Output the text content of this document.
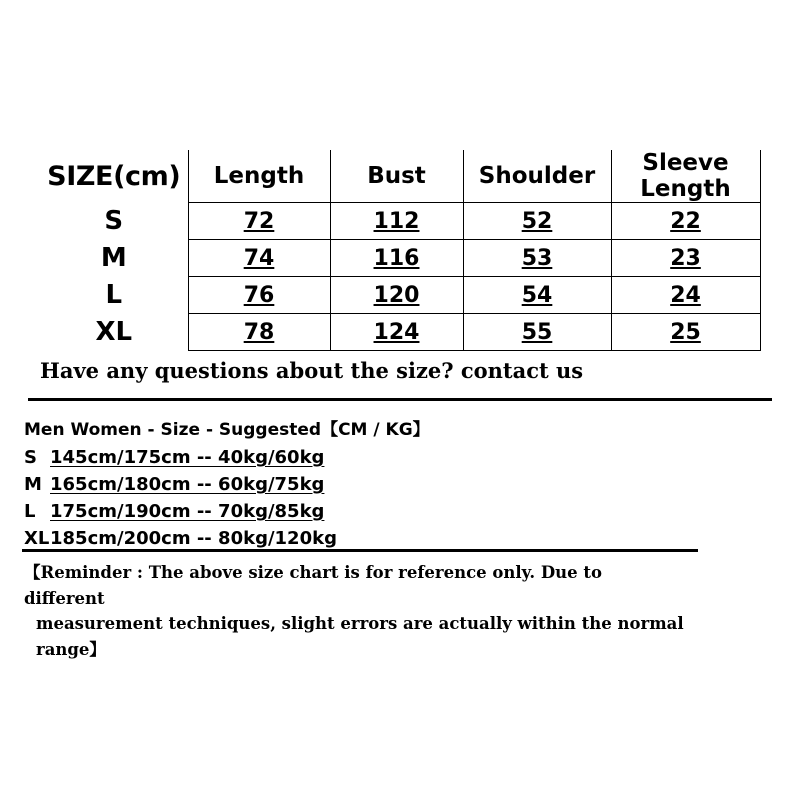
SIZE(cm)	Length	Bust	Shoulder	Sleeve Length
S	72	112	52	22
M	74	116	53	23
L	76	120	54	24
XL	78	124	55	25
Have any questions about the size? contact us
Men Women - Size - Suggested【CM / KG】
S 145cm/175cm -- 40kg/60kg
M 165cm/180cm -- 60kg/75kg
L 175cm/190cm -- 70kg/85kg
XL185cm/200cm -- 80kg/120kg
【Reminder : The above size chart is for reference only. Due to different
measurement techniques, slight errors are actually within the normal range】
